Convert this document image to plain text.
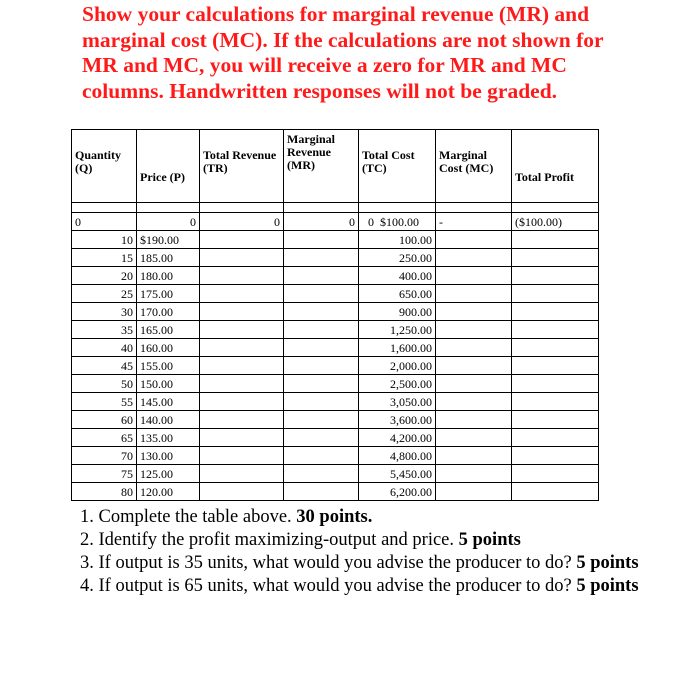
Show your calculations for marginal revenue (MR) and marginal cost (MC). If the calculations are not shown for MR and MC, you will receive a zero for MR and MC columns. Handwritten responses will not be graded.
Quantity (Q)	Price (P)	Total Revenue (TR)	Marginal Revenue (MR)	Total Cost (TC)	Marginal Cost (MC)	Total Profit

0	0	0	0	0 $100.00	-	($100.00)
10	$190.00			100.00		
15	185.00			250.00		
20	180.00			400.00		
25	175.00			650.00		
30	170.00			900.00		
35	165.00			1,250.00		
40	160.00			1,600.00		
45	155.00			2,000.00		
50	150.00			2,500.00		
55	145.00			3,050.00		
60	140.00			3,600.00		
65	135.00			4,200.00		
70	130.00			4,800.00		
75	125.00			5,450.00		
80	120.00			6,200.00		

1. Complete the table above. 30 points.

2. Identify the profit maximizing-output and price. 5 points

3. If output is 35 units, what would you advise the producer to do? 5 points

4. If output is 65 units, what would you advise the producer to do? 5 points
